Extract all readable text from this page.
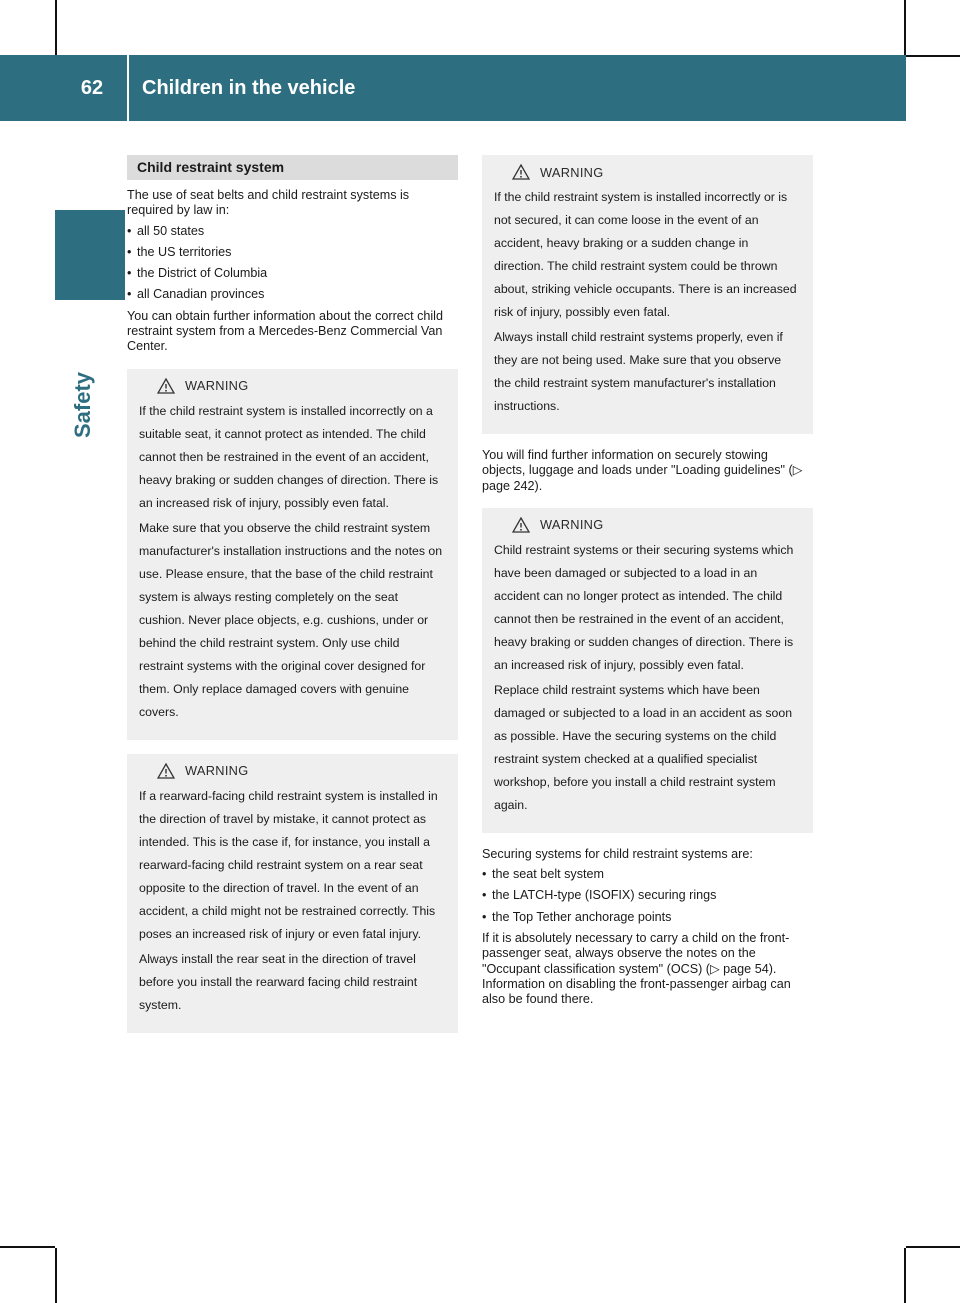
62	Children in the vehicle
Safety
Child restraint system

The use of seat belts and child restraint systems is required by law in:

• all 50 states
• the US territories
• the District of Columbia
• all Canadian provinces

You can obtain further information about the correct child restraint system from a Mercedes-Benz Commercial Van Center.

WARNING

If the child restraint system is installed incorrectly on a suitable seat, it cannot protect as intended. The child cannot then be restrained in the event of an accident, heavy braking or sudden changes of direction. There is an increased risk of injury, possibly even fatal.

Make sure that you observe the child restraint system manufacturer's installation instructions and the notes on use. Please ensure, that the base of the child restraint system is always resting completely on the seat cushion. Never place objects, e.g. cushions, under or behind the child restraint system. Only use child restraint systems with the original cover designed for them. Only replace damaged covers with genuine covers.

WARNING

If a rearward-facing child restraint system is installed in the direction of travel by mistake, it cannot protect as intended. This is the case if, for instance, you install a rearward-facing child restraint system on a rear seat opposite to the direction of travel. In the event of an accident, a child might not be restrained correctly. This poses an increased risk of injury or even fatal injury.

Always install the rear seat in the direction of travel before you install the rearward facing child restraint system.

WARNING

If the child restraint system is installed incorrectly or is not secured, it can come loose in the event of an accident, heavy braking or a sudden change in direction. The child restraint system could be thrown about, striking vehicle occupants. There is an increased risk of injury, possibly even fatal.

Always install child restraint systems properly, even if they are not being used. Make sure that you observe the child restraint system manufacturer's installation instructions.

You will find further information on securely stowing objects, luggage and loads under "Loading guidelines" (▷ page 242).

WARNING

Child restraint systems or their securing systems which have been damaged or subjected to a load in an accident can no longer protect as intended. The child cannot then be restrained in the event of an accident, heavy braking or sudden changes of direction. There is an increased risk of injury, possibly even fatal.

Replace child restraint systems which have been damaged or subjected to a load in an accident as soon as possible. Have the securing systems on the child restraint system checked at a qualified specialist workshop, before you install a child restraint system again.

Securing systems for child restraint systems are:

• the seat belt system
• the LATCH-type (ISOFIX) securing rings
• the Top Tether anchorage points

If it is absolutely necessary to carry a child on the front-passenger seat, always observe the notes on the "Occupant classification system" (OCS) (▷ page 54). Information on disabling the front-passenger airbag can also be found there.
